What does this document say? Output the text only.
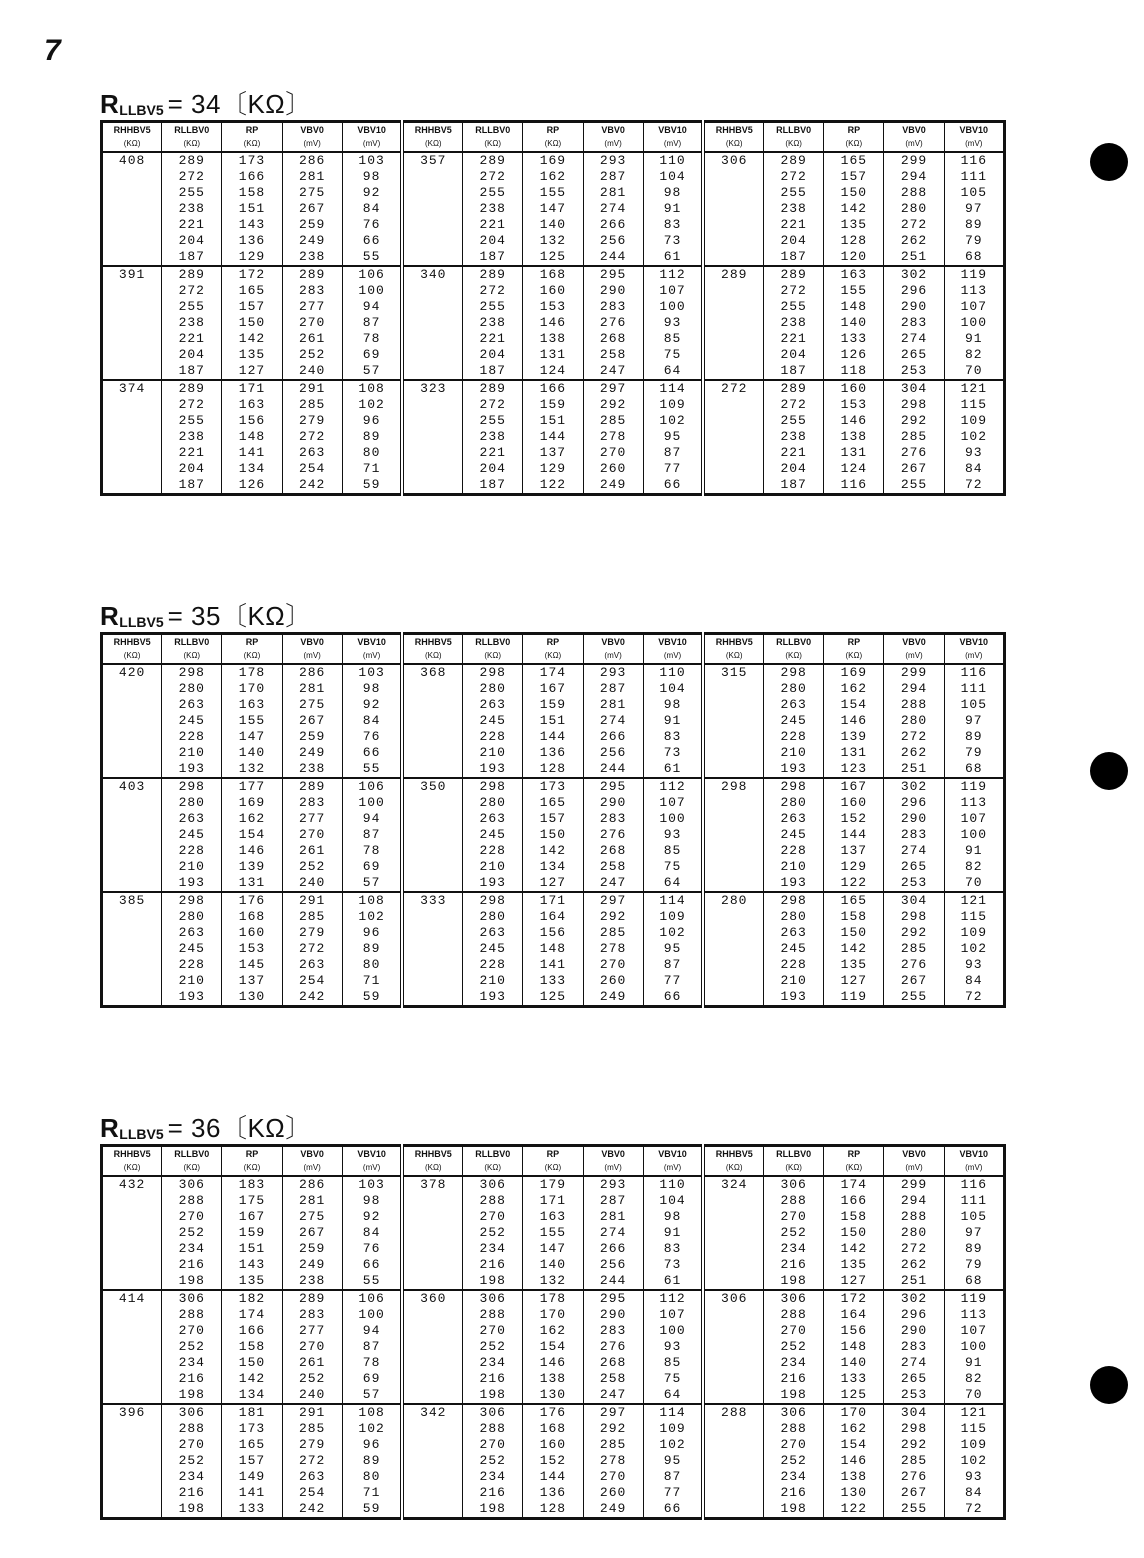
7
RLLBV5 = 34〔KΩ〕
RHHBV5	RLLBV0	RP	VBV0	VBV10	RHHBV5	RLLBV0	RP	VBV0	VBV10	RHHBV5	RLLBV0	RP	VBV0	VBV10
(KΩ)	(KΩ)	(KΩ)	(mV)	(mV)	(KΩ)	(KΩ)	(KΩ)	(mV)	(mV)	(KΩ)	(KΩ)	(KΩ)	(mV)	(mV)
408	289	173	286	103	357	289	169	293	110	306	289	165	299	116
	272	166	281	98		272	162	287	104		272	157	294	111
	255	158	275	92		255	155	281	98		255	150	288	105
	238	151	267	84		238	147	274	91		238	142	280	97
	221	143	259	76		221	140	266	83		221	135	272	89
	204	136	249	66		204	132	256	73		204	128	262	79
	187	129	238	55		187	125	244	61		187	120	251	68
391	289	172	289	106	340	289	168	295	112	289	289	163	302	119
	272	165	283	100		272	160	290	107		272	155	296	113
	255	157	277	94		255	153	283	100		255	148	290	107
	238	150	270	87		238	146	276	93		238	140	283	100
	221	142	261	78		221	138	268	85		221	133	274	91
	204	135	252	69		204	131	258	75		204	126	265	82
	187	127	240	57		187	124	247	64		187	118	253	70
374	289	171	291	108	323	289	166	297	114	272	289	160	304	121
	272	163	285	102		272	159	292	109		272	153	298	115
	255	156	279	96		255	151	285	102		255	146	292	109
	238	148	272	89		238	144	278	95		238	138	285	102
	221	141	263	80		221	137	270	87		221	131	276	93
	204	134	254	71		204	129	260	77		204	124	267	84
	187	126	242	59		187	122	249	66		187	116	255	72
RLLBV5 = 35〔KΩ〕
RHHBV5	RLLBV0	RP	VBV0	VBV10	RHHBV5	RLLBV0	RP	VBV0	VBV10	RHHBV5	RLLBV0	RP	VBV0	VBV10
(KΩ)	(KΩ)	(KΩ)	(mV)	(mV)	(KΩ)	(KΩ)	(KΩ)	(mV)	(mV)	(KΩ)	(KΩ)	(KΩ)	(mV)	(mV)
420	298	178	286	103	368	298	174	293	110	315	298	169	299	116
	280	170	281	98		280	167	287	104		280	162	294	111
	263	163	275	92		263	159	281	98		263	154	288	105
	245	155	267	84		245	151	274	91		245	146	280	97
	228	147	259	76		228	144	266	83		228	139	272	89
	210	140	249	66		210	136	256	73		210	131	262	79
	193	132	238	55		193	128	244	61		193	123	251	68
403	298	177	289	106	350	298	173	295	112	298	298	167	302	119
	280	169	283	100		280	165	290	107		280	160	296	113
	263	162	277	94		263	157	283	100		263	152	290	107
	245	154	270	87		245	150	276	93		245	144	283	100
	228	146	261	78		228	142	268	85		228	137	274	91
	210	139	252	69		210	134	258	75		210	129	265	82
	193	131	240	57		193	127	247	64		193	122	253	70
385	298	176	291	108	333	298	171	297	114	280	298	165	304	121
	280	168	285	102		280	164	292	109		280	158	298	115
	263	160	279	96		263	156	285	102		263	150	292	109
	245	153	272	89		245	148	278	95		245	142	285	102
	228	145	263	80		228	141	270	87		228	135	276	93
	210	137	254	71		210	133	260	77		210	127	267	84
	193	130	242	59		193	125	249	66		193	119	255	72
RLLBV5 = 36〔KΩ〕
RHHBV5	RLLBV0	RP	VBV0	VBV10	RHHBV5	RLLBV0	RP	VBV0	VBV10	RHHBV5	RLLBV0	RP	VBV0	VBV10
(KΩ)	(KΩ)	(KΩ)	(mV)	(mV)	(KΩ)	(KΩ)	(KΩ)	(mV)	(mV)	(KΩ)	(KΩ)	(KΩ)	(mV)	(mV)
432	306	183	286	103	378	306	179	293	110	324	306	174	299	116
	288	175	281	98		288	171	287	104		288	166	294	111
	270	167	275	92		270	163	281	98		270	158	288	105
	252	159	267	84		252	155	274	91		252	150	280	97
	234	151	259	76		234	147	266	83		234	142	272	89
	216	143	249	66		216	140	256	73		216	135	262	79
	198	135	238	55		198	132	244	61		198	127	251	68
414	306	182	289	106	360	306	178	295	112	306	306	172	302	119
	288	174	283	100		288	170	290	107		288	164	296	113
	270	166	277	94		270	162	283	100		270	156	290	107
	252	158	270	87		252	154	276	93		252	148	283	100
	234	150	261	78		234	146	268	85		234	140	274	91
	216	142	252	69		216	138	258	75		216	133	265	82
	198	134	240	57		198	130	247	64		198	125	253	70
396	306	181	291	108	342	306	176	297	114	288	306	170	304	121
	288	173	285	102		288	168	292	109		288	162	298	115
	270	165	279	96		270	160	285	102		270	154	292	109
	252	157	272	89		252	152	278	95		252	146	285	102
	234	149	263	80		234	144	270	87		234	138	276	93
	216	141	254	71		216	136	260	77		216	130	267	84
	198	133	242	59		198	128	249	66		198	122	255	72
